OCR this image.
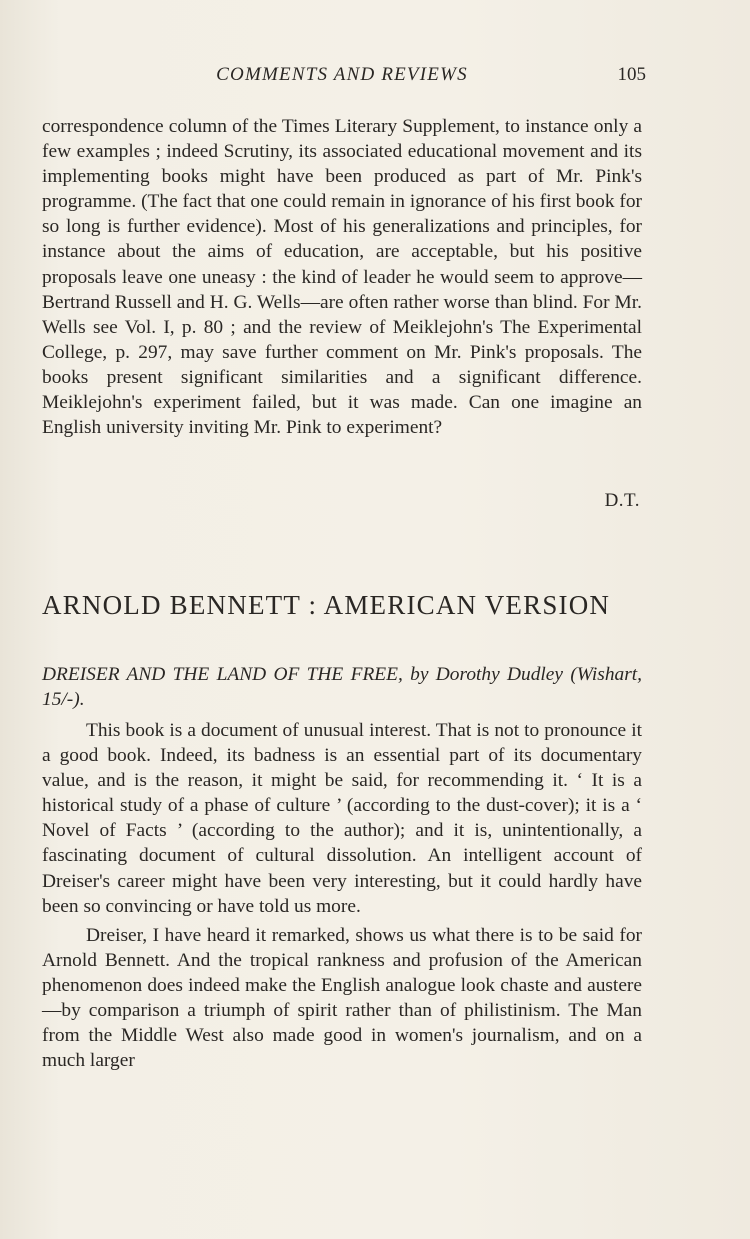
COMMENTS AND REVIEWS	105

correspondence column of the Times Literary Supplement, to instance only a few examples ; indeed Scrutiny, its associated educational movement and its implementing books might have been produced as part of Mr. Pink's programme. (The fact that one could remain in ignorance of his first book for so long is further evidence). Most of his generalizations and principles, for instance about the aims of education, are acceptable, but his positive proposals leave one uneasy : the kind of leader he would seem to approve—Bertrand Russell and H. G. Wells—are often rather worse than blind. For Mr. Wells see Vol. I, p. 80 ; and the review of Meiklejohn's The Experimental College, p. 297, may save further comment on Mr. Pink's proposals. The books present significant similarities and a significant difference. Meiklejohn's experiment failed, but it was made. Can one imagine an English university inviting Mr. Pink to experiment?

D.T.
ARNOLD BENNETT : AMERICAN VERSION
DREISER AND THE LAND OF THE FREE, by Dorothy Dudley (Wishart, 15/-).

This book is a document of unusual interest. That is not to pronounce it a good book. Indeed, its badness is an essential part of its documentary value, and is the reason, it might be said, for recommending it. ‘ It is a historical study of a phase of culture ’ (according to the dust-cover); it is a ‘ Novel of Facts ’ (according to the author); and it is, unintentionally, a fascinating document of cultural dissolution. An intelligent account of Dreiser's career might have been very interesting, but it could hardly have been so convincing or have told us more.

Dreiser, I have heard it remarked, shows us what there is to be said for Arnold Bennett. And the tropical rankness and profusion of the American phenomenon does indeed make the English analogue look chaste and austere—by comparison a triumph of spirit rather than of philistinism. The Man from the Middle West also made good in women's journalism, and on a much larger
